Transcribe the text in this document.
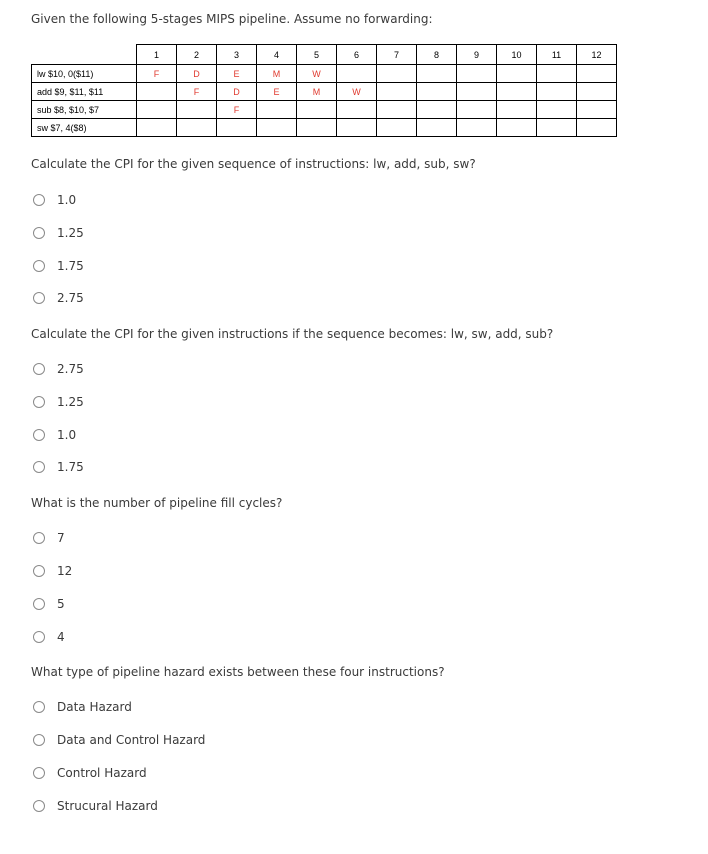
Given the following 5-stages MIPS pipeline. Assume no forwarding:
	1	2	3	4	5	6	7	8	9	10	11	12
lw $10, 0($11)	F	D	E	M	W							
add $9, $11, $11		F	D	E	M	W						
sub $8, $10, $7			F									
sw $7, 4($8)												
Calculate the CPI for the given sequence of instructions: lw, add, sub, sw?
1.0
1.25
1.75
2.75
Calculate the CPI for the given instructions if the sequence becomes: lw, sw, add, sub?
2.75
1.25
1.0
1.75
What is the number of pipeline fill cycles?
7
12
5
4
What type of pipeline hazard exists between these four instructions?
Data Hazard
Data and Control Hazard
Control Hazard
Strucural Hazard
